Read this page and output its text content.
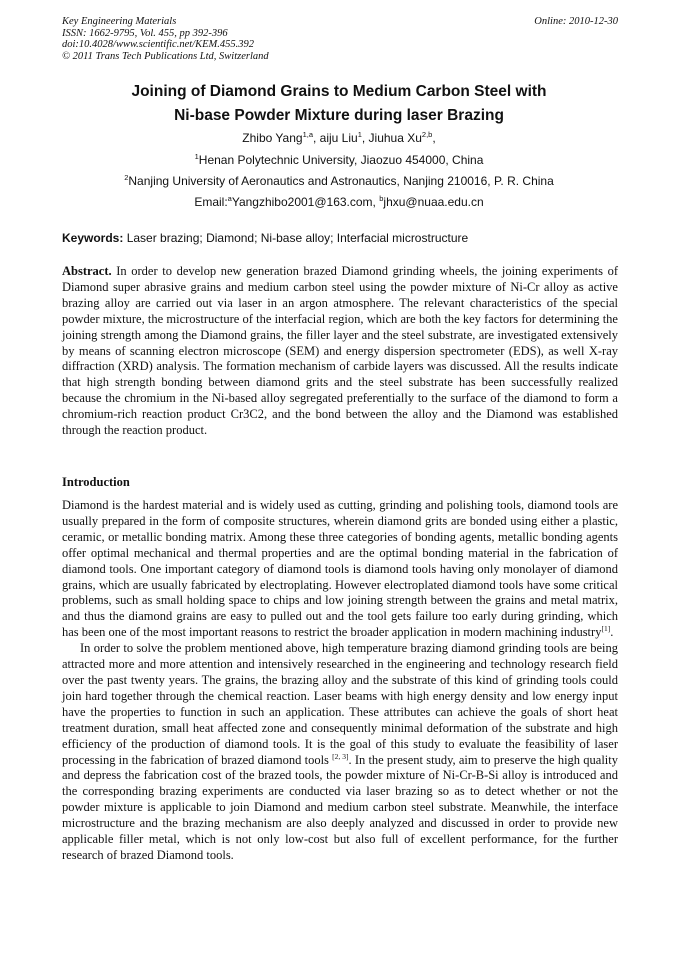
Key Engineering Materials	Online: 2010-12-30
ISSN: 1662-9795, Vol. 455, pp 392-396
doi:10.4028/www.scientific.net/KEM.455.392
© 2011 Trans Tech Publications Ltd, Switzerland
Joining of Diamond Grains to Medium Carbon Steel with
Ni-base Powder Mixture during laser Brazing
Zhibo Yang$^{1,a}$, aiju Liu$^1$, Jiuhua Xu$^{2,b}$,
$^1$Henan Polytechnic University, Jiaozuo 454000, China
$^2$Nanjing University of Aeronautics and Astronautics, Nanjing 210016, P. R. China
Email:$^a$Yangzhibo2001@163.com, $^b$jhxu@nuaa.edu.cn
Keywords: Laser brazing; Diamond; Ni-base alloy; Interfacial microstructure

Abstract. In order to develop new generation brazed Diamond grinding wheels, the joining experiments of Diamond super abrasive grains and medium carbon steel using the powder mixture of Ni-Cr alloy as active brazing alloy are carried out via laser in an argon atmosphere. The relevant characteristics of the special powder mixture, the microstructure of the interfacial region, which are both the key factors for determining the joining strength among the Diamond grains, the filler layer and the steel substrate, are investigated extensively by means of scanning electron microscope (SEM) and energy dispersion spectrometer (EDS), as well X-ray diffraction (XRD) analysis. The formation mechanism of carbide layers was discussed. All the results indicate that high strength bonding between diamond grits and the steel substrate has been successfully realized because the chromium in the Ni-based alloy segregated preferentially to the surface of the diamond to form a chromium-rich reaction product Cr3C2, and the bond between the alloy and the Diamond was established through the reaction product.

Introduction

Diamond is the hardest material and is widely used as cutting, grinding and polishing tools, diamond tools are usually prepared in the form of composite structures, wherein diamond grits are bonded using either a plastic, ceramic, or metallic bonding matrix. Among these three categories of bonding agents, metallic bonding agents offer optimal mechanical and thermal properties and are the optimal bonding material in the fabrication of diamond tools. One important category of diamond tools is diamond tools having only monolayer of diamond grains, which are usually fabricated by electroplating. However electroplated diamond tools have some critical problems, such as small holding space to chips and low joining strength between the grains and metal matrix, and thus the diamond grains are easy to pulled out and the tool gets failure too early during grinding, which has been one of the most important reasons to restrict the broader application in modern machining industry[1].

In order to solve the problem mentioned above, high temperature brazing diamond grinding tools are being attracted more and more attention and intensively researched in the engineering and technology research field over the past twenty years. The grains, the brazing alloy and the substrate of this kind of grinding tools could join hard together through the chemical reaction. Laser beams with high energy density and low energy input have the properties to function in such an application. These attributes can achieve the goals of short heat treatment duration, small heat affected zone and consequently minimal deformation of the substrate and high efficiency of the production of diamond tools. It is the goal of this study to evaluate the feasibility of laser processing in the fabrication of brazed diamond tools [2, 3]. In the present study, aim to preserve the high quality and depress the fabrication cost of the brazed tools, the powder mixture of Ni-Cr-B-Si alloy is introduced and the corresponding brazing experiments are conducted via laser brazing so as to detect whether or not the powder mixture is applicable to join Diamond and medium carbon steel substrate. Meanwhile, the interface microstructure and the brazing mechanism are also deeply analyzed and discussed in order to provide new applicable filler metal, which is not only low-cost but also full of excellent performance, for the further research of brazed Diamond tools.
